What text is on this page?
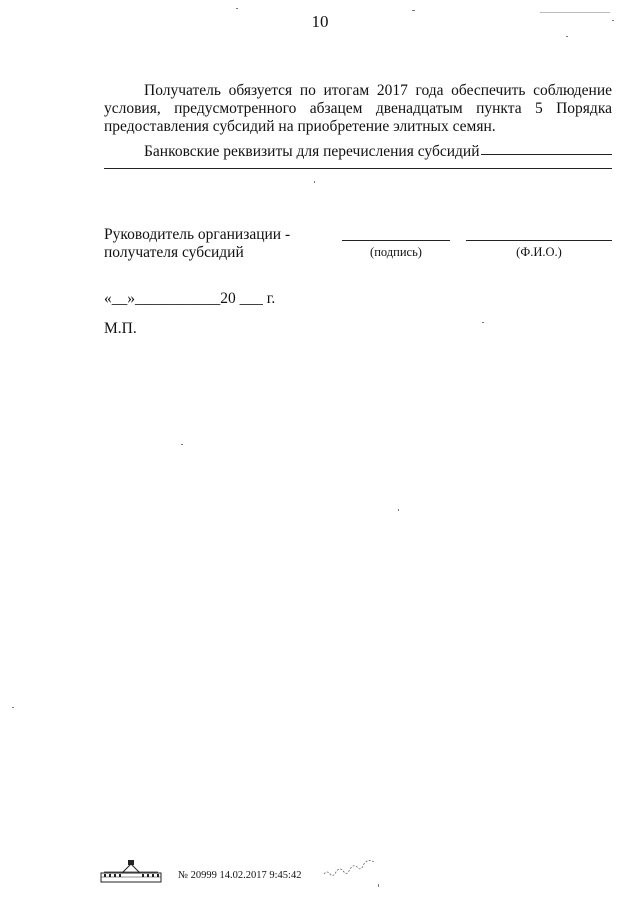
10

Получатель обязуется по итогам 2017 года обеспечить соблюдение

условия, предусмотренного абзацем двенадцатым пункта 5 Порядка

предоставления субсидий на приобретение элитных семян.

Банковские реквизиты для перечисления субсидий
Руководитель организации -
получателя субсидий	(подпись)	(Ф.И.О.)
«__»___________20 ___ г.
М.П.
№ 20999 14.02.2017 9:45:42
